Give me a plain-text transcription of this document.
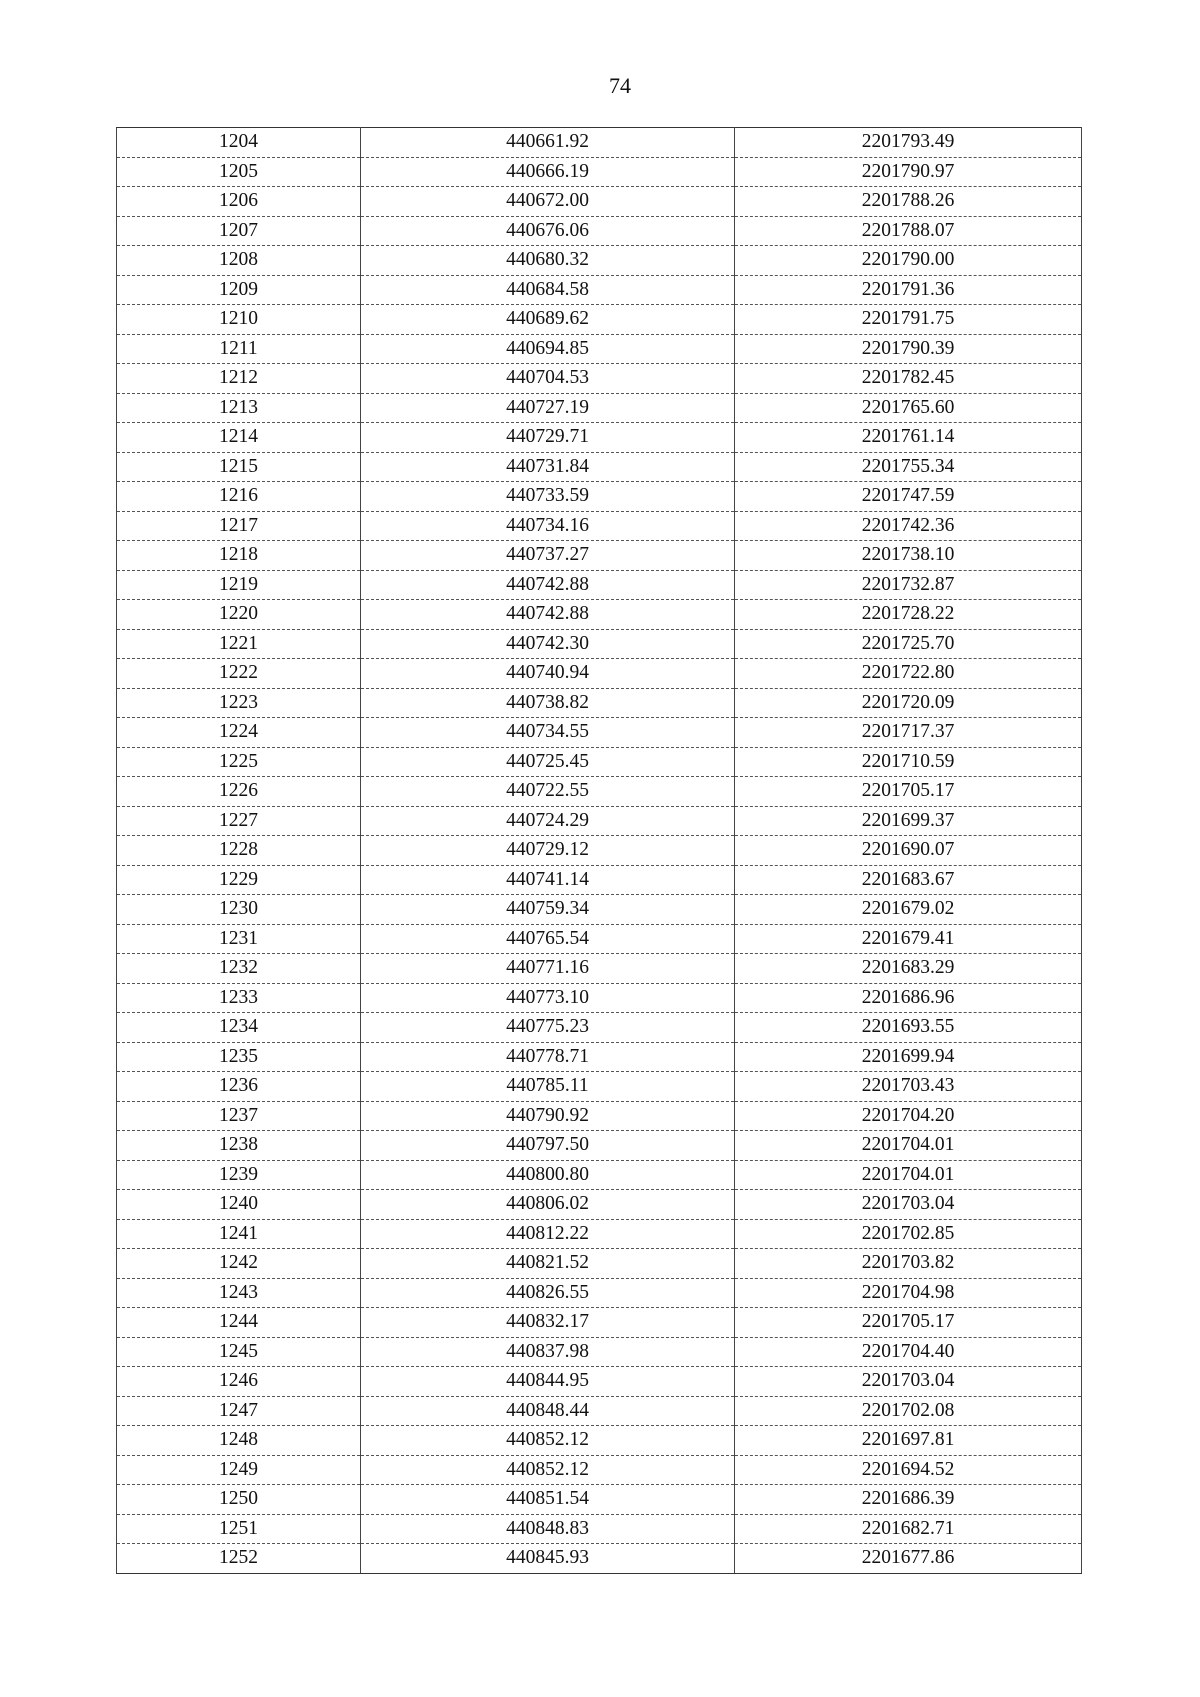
74
1204	440661.92	2201793.49
1205	440666.19	2201790.97
1206	440672.00	2201788.26
1207	440676.06	2201788.07
1208	440680.32	2201790.00
1209	440684.58	2201791.36
1210	440689.62	2201791.75
1211	440694.85	2201790.39
1212	440704.53	2201782.45
1213	440727.19	2201765.60
1214	440729.71	2201761.14
1215	440731.84	2201755.34
1216	440733.59	2201747.59
1217	440734.16	2201742.36
1218	440737.27	2201738.10
1219	440742.88	2201732.87
1220	440742.88	2201728.22
1221	440742.30	2201725.70
1222	440740.94	2201722.80
1223	440738.82	2201720.09
1224	440734.55	2201717.37
1225	440725.45	2201710.59
1226	440722.55	2201705.17
1227	440724.29	2201699.37
1228	440729.12	2201690.07
1229	440741.14	2201683.67
1230	440759.34	2201679.02
1231	440765.54	2201679.41
1232	440771.16	2201683.29
1233	440773.10	2201686.96
1234	440775.23	2201693.55
1235	440778.71	2201699.94
1236	440785.11	2201703.43
1237	440790.92	2201704.20
1238	440797.50	2201704.01
1239	440800.80	2201704.01
1240	440806.02	2201703.04
1241	440812.22	2201702.85
1242	440821.52	2201703.82
1243	440826.55	2201704.98
1244	440832.17	2201705.17
1245	440837.98	2201704.40
1246	440844.95	2201703.04
1247	440848.44	2201702.08
1248	440852.12	2201697.81
1249	440852.12	2201694.52
1250	440851.54	2201686.39
1251	440848.83	2201682.71
1252	440845.93	2201677.86
